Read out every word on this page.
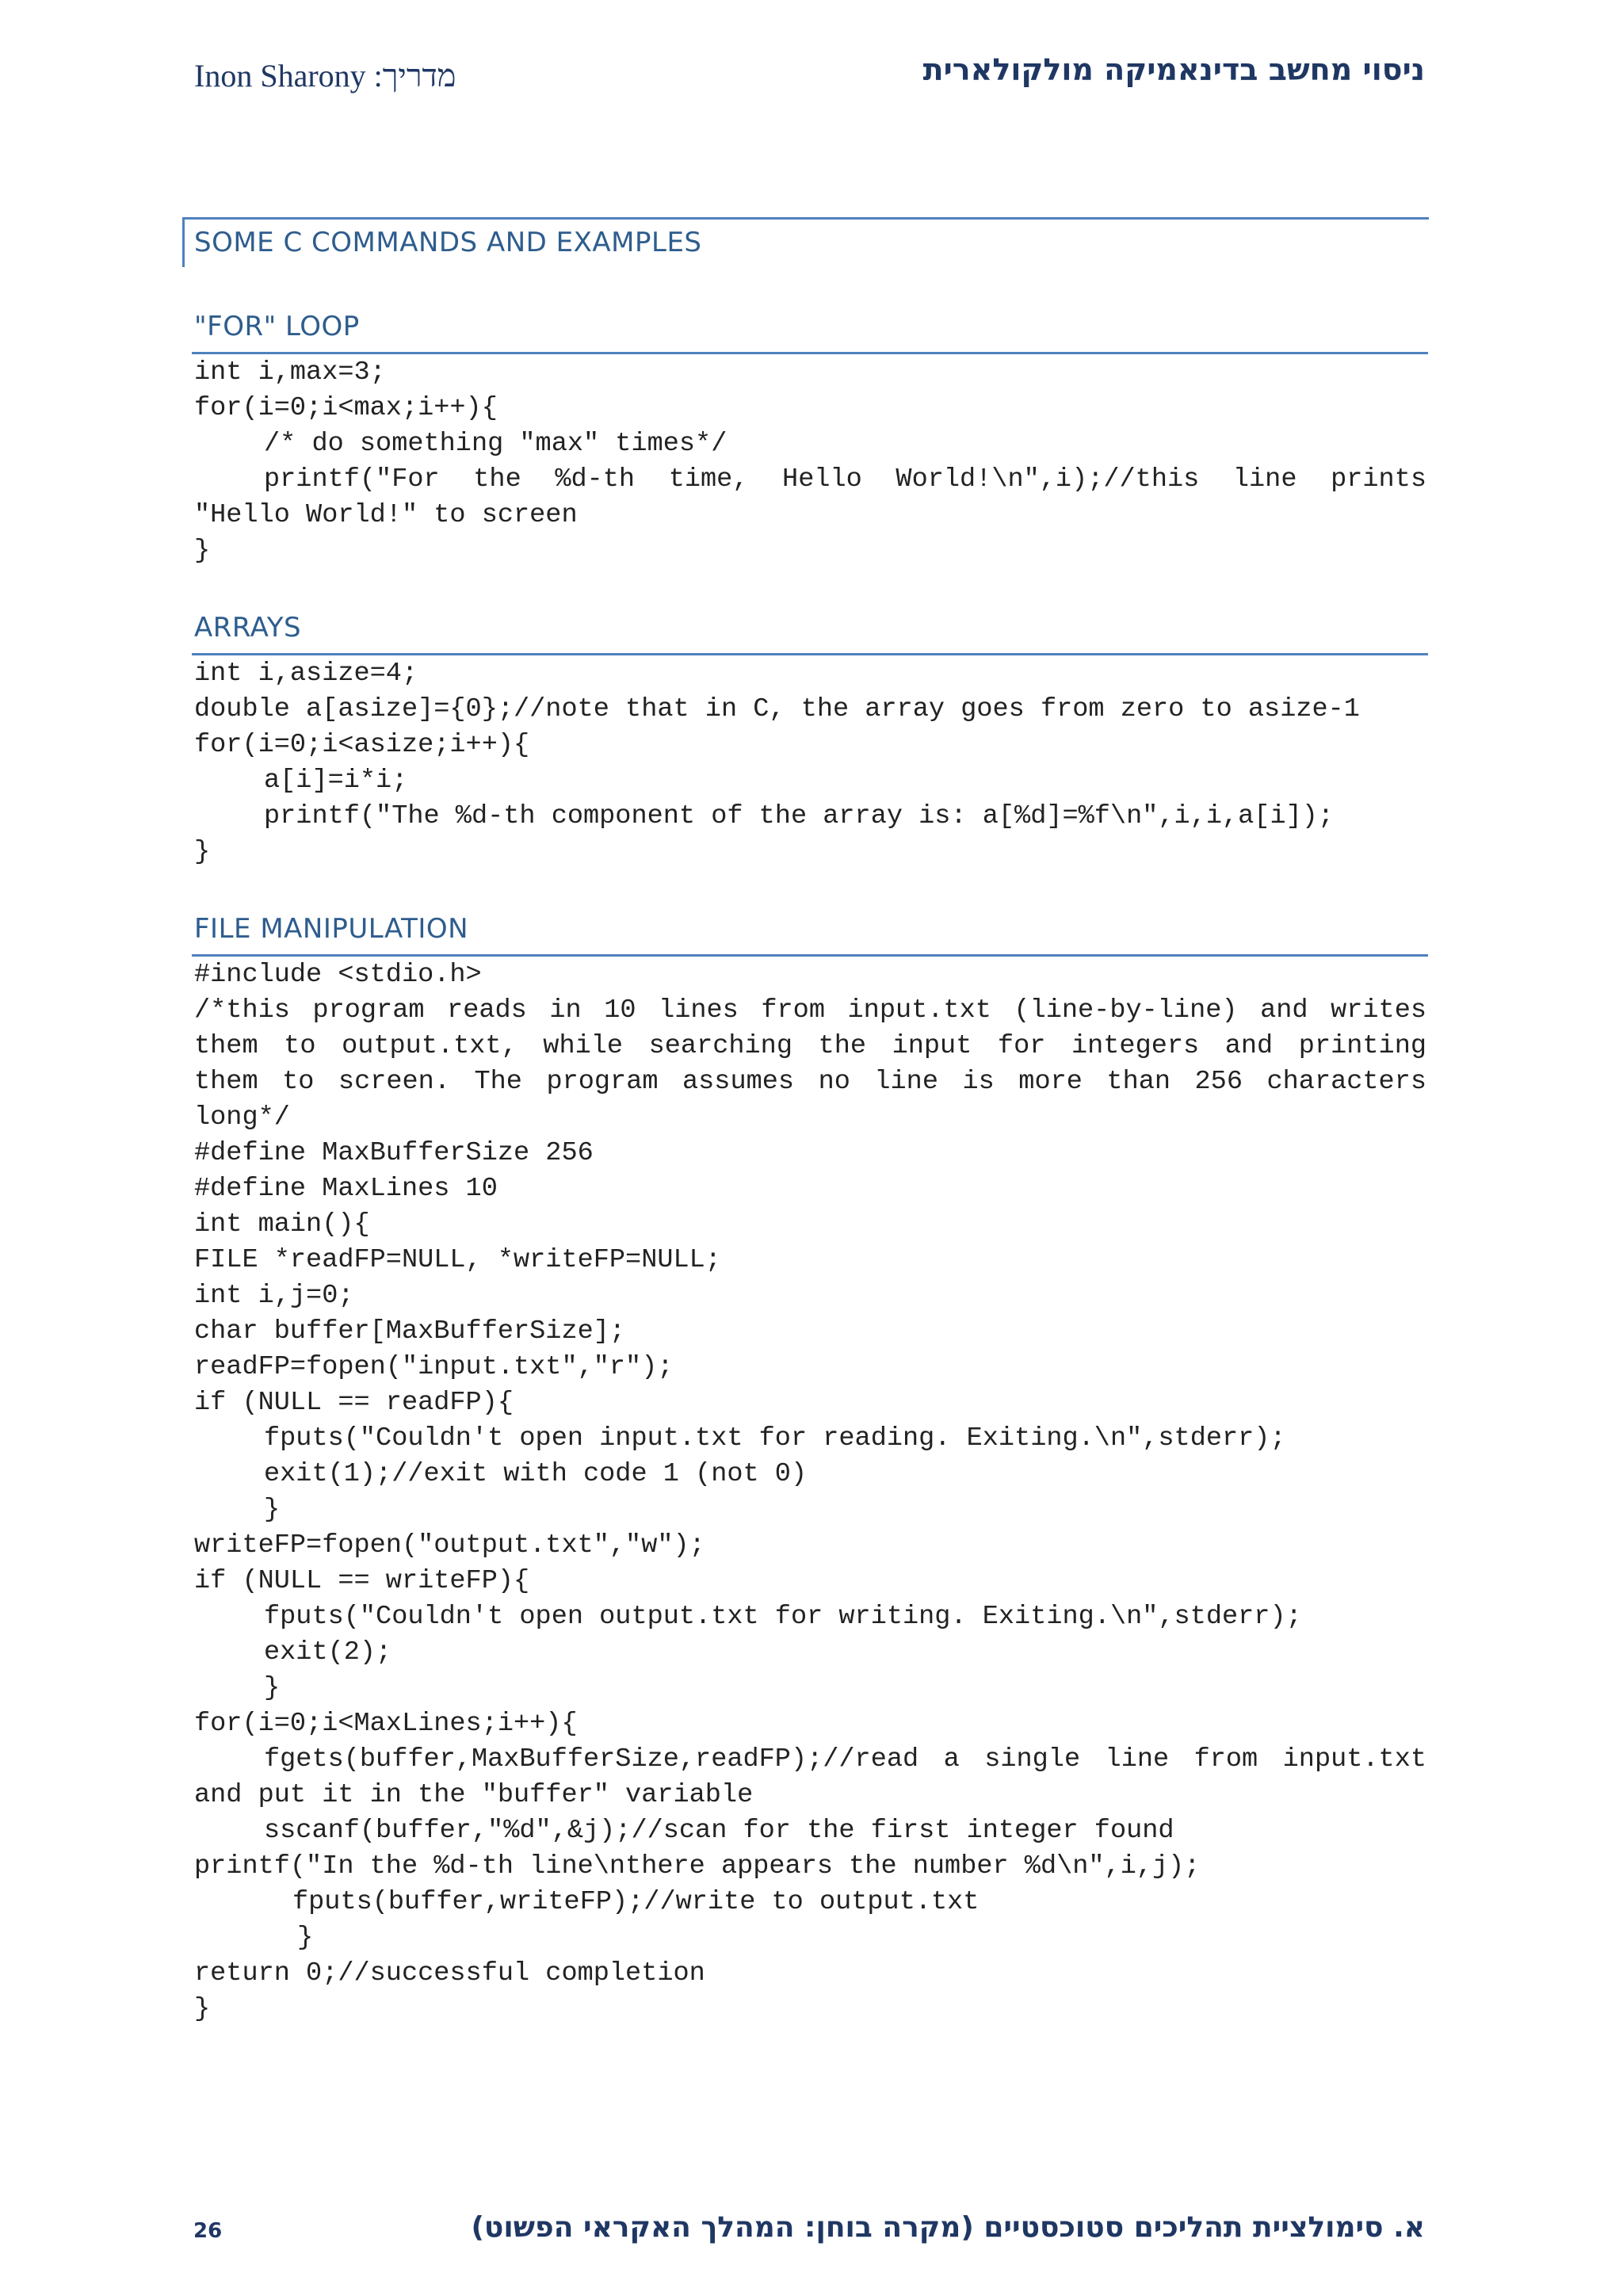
Inon Sharony :מדריך	ניסוי מחשב בדינאמיקה מולקולארית
SOME C COMMANDS AND EXAMPLES
"FOR" LOOP
int i,max=3;
for(i=0;i<max;i++){
/* do something "max" times*/
printf("For the %d-th time, Hello World!\n",i);//this line prints
"Hello World!" to screen
}
ARRAYS
int i,asize=4;
double a[asize]={0};//note that in C, the array goes from zero to asize-1
for(i=0;i<asize;i++){
a[i]=i*i;
printf("The %d-th component of the array is: a[%d]=%f\n",i,i,a[i]);
}
FILE MANIPULATION
#include <stdio.h>
/*this program reads in 10 lines from input.txt (line-by-line) and writes
them to output.txt, while searching the input for integers and printing
them to screen. The program assumes no line is more than 256 characters
long*/
#define MaxBufferSize 256
#define MaxLines 10
int main(){
FILE *readFP=NULL, *writeFP=NULL;
int i,j=0;
char buffer[MaxBufferSize];
readFP=fopen("input.txt","r");
if (NULL == readFP){
fputs("Couldn't open input.txt for reading. Exiting.\n",stderr);
exit(1);//exit with code 1 (not 0)
}
writeFP=fopen("output.txt","w");
if (NULL == writeFP){
fputs("Couldn't open output.txt for writing. Exiting.\n",stderr);
exit(2);
}
for(i=0;i<MaxLines;i++){
fgets(buffer,MaxBufferSize,readFP);//read a single line from input.txt
and put it in the "buffer" variable
sscanf(buffer,"%d",&j);//scan for the first integer found
printf("In the %d-th line\nthere appears the number %d\n",i,j);
fputs(buffer,writeFP);//write to output.txt
}
return 0;//successful completion
}
26	א. סימולציית תהליכים סטוכסטיים (מקרה בוחן: המהלך האקראי הפשוט)
